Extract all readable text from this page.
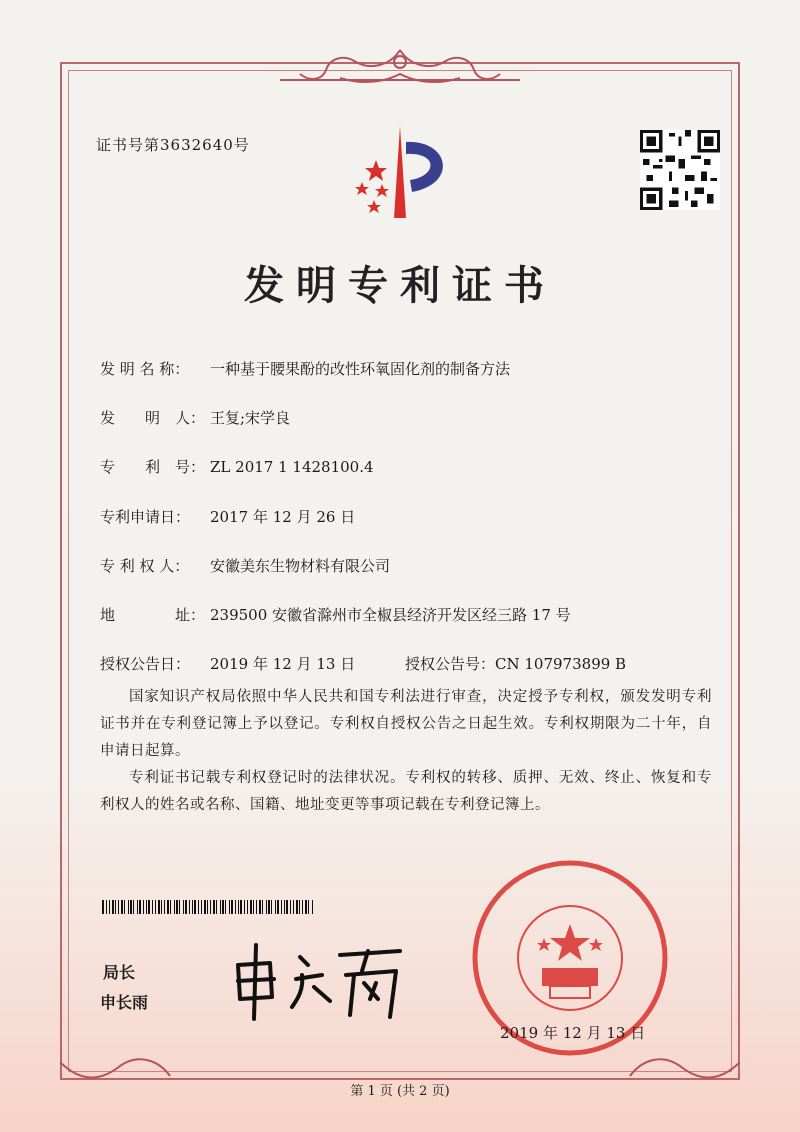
证书号第3632640号
发明专利证书
发 明 名 称： 一种基于腰果酚的改性环氧固化剂的制备方法
发　　明　人： 王复;宋学良
专　　利　号： ZL 2017 1 1428100.4
专利申请日： 2017 年 12 月 26 日
专 利 权 人： 安徽美东生物材料有限公司
地　　　　址： 239500 安徽省滁州市全椒县经济开发区经三路 17 号
授权公告日： 2019 年 12 月 13 日	授权公告号：CN 107973899 B
国家知识产权局依照中华人民共和国专利法进行审查，决定授予专利权，颁发发明专利证书并在专利登记簿上予以登记。专利权自授权公告之日起生效。专利权期限为二十年，自申请日起算。
专利证书记载专利权登记时的法律状况。专利权的转移、质押、无效、终止、恢复和专利权人的姓名或名称、国籍、地址变更等事项记载在专利登记簿上。
局长
申长雨
2019 年 12 月 13 日
第 1 页 (共 2 页)
